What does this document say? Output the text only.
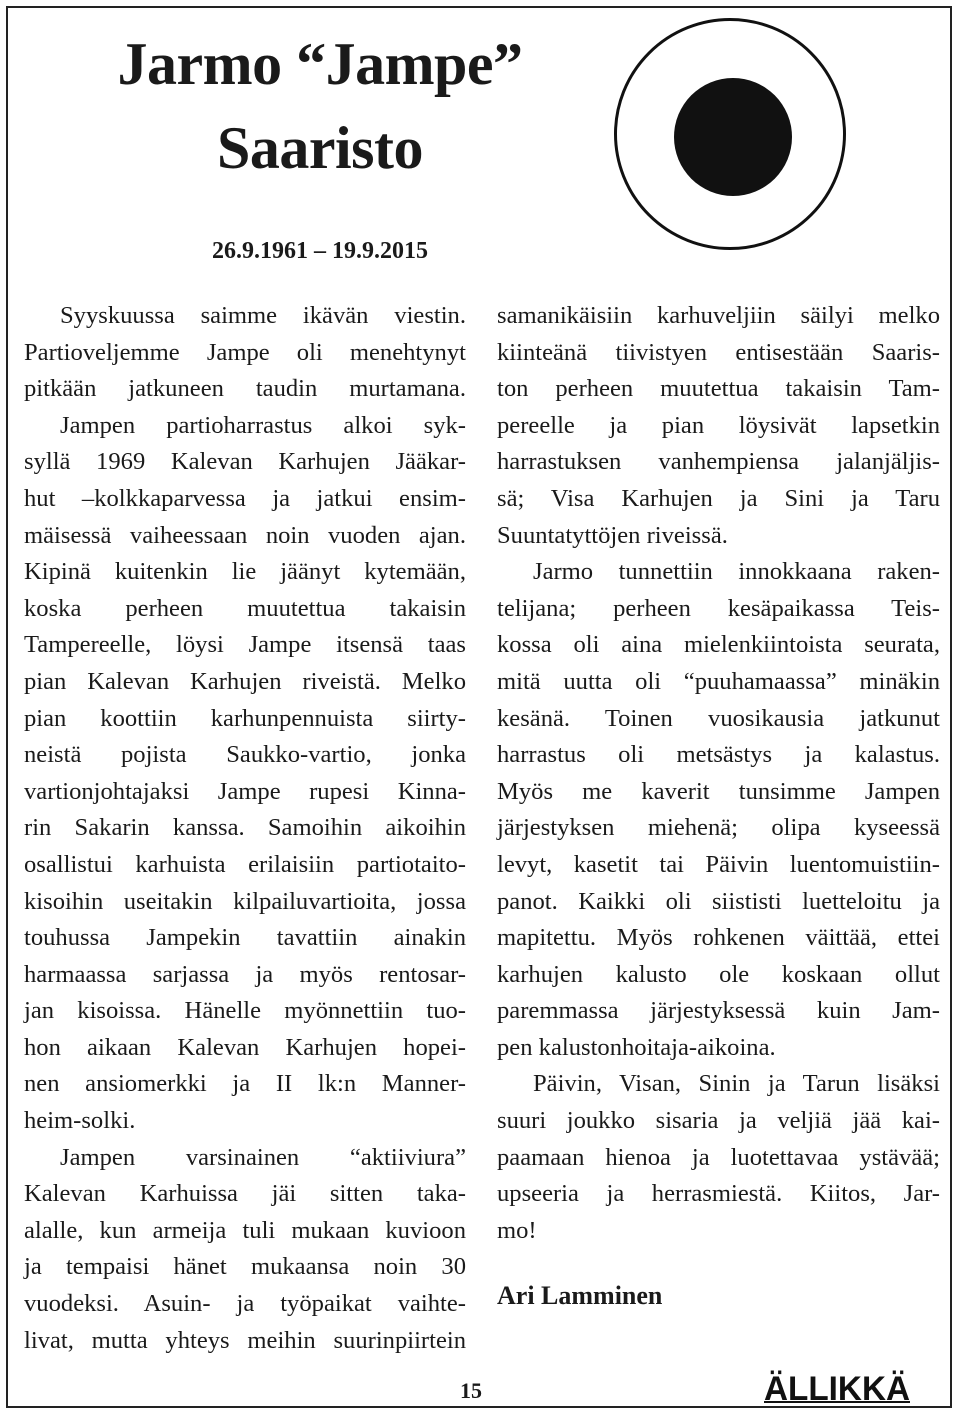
Jarmo “Jampe”
Saaristo
26.9.1961 – 19.9.2015

Syyskuussa saimme ikävän viestin.
Partioveljemme Jampe oli menehtynyt
pitkään jatkuneen taudin murtamana.
Jampen partioharrastus alkoi syk-
syllä 1969 Kalevan Karhujen Jääkar-
hut –kolkkaparvessa ja jatkui ensim-
mäisessä vaiheessaan noin vuoden ajan.
Kipinä kuitenkin lie jäänyt kytemään,
koska perheen muutettua takaisin
Tampereelle, löysi Jampe itsensä taas
pian Kalevan Karhujen riveistä. Melko
pian koottiin karhunpennuista siirty-
neistä pojista Saukko-vartio, jonka
vartionjohtajaksi Jampe rupesi Kinna-
rin Sakarin kanssa. Samoihin aikoihin
osallistui karhuista erilaisiin partiotaito-
kisoihin useitakin kilpailuvartioita, jossa
touhussa Jampekin tavattiin ainakin
harmaassa sarjassa ja myös rentosar-
jan kisoissa. Hänelle myönnettiin tuo-
hon aikaan Kalevan Karhujen hopei-
nen ansiomerkki ja II lk:n Manner-
heim-solki.

Jampen varsinainen “aktiiviura”
Kalevan Karhuissa jäi sitten taka-
alalle, kun armeija tuli mukaan kuvioon
ja tempaisi hänet mukaansa noin 30
vuodeksi. Asuin- ja työpaikat vaihte-
livat, mutta yhteys meihin suurinpiirtein

samanikäisiin karhuveljiin säilyi melko
kiinteänä tiivistyen entisestään Saaris-
ton perheen muutettua takaisin Tam-
pereelle ja pian löysivät lapsetkin
harrastuksen vanhempiensa jalanjäljis-
sä; Visa Karhujen ja Sini ja Taru
Suuntatyttöjen riveissä.

Jarmo tunnettiin innokkaana raken-
telijana; perheen kesäpaikassa Teis-
kossa oli aina mielenkiintoista seurata,
mitä uutta oli “puuhamaassa” minäkin
kesänä. Toinen vuosikausia jatkunut
harrastus oli metsästys ja kalastus.
Myös me kaverit tunsimme Jampen
järjestyksen miehenä; olipa kyseessä
levyt, kasetit tai Päivin luentomuistiin-
panot. Kaikki oli siististi luetteloitu ja
mapitettu. Myös rohkenen väittää, ettei
karhujen kalusto ole koskaan ollut
paremmassa järjestyksessä kuin Jam-
pen kalustonhoitaja-aikoina.

Päivin, Visan, Sinin ja Tarun lisäksi
suuri joukko sisaria ja veljiä jää kai-
paamaan hienoa ja luotettavaa ystävää;
upseeria ja herrasmiestä. Kiitos, Jar-
mo!

Ari Lamminen
15	ÄLLIKKÄ
